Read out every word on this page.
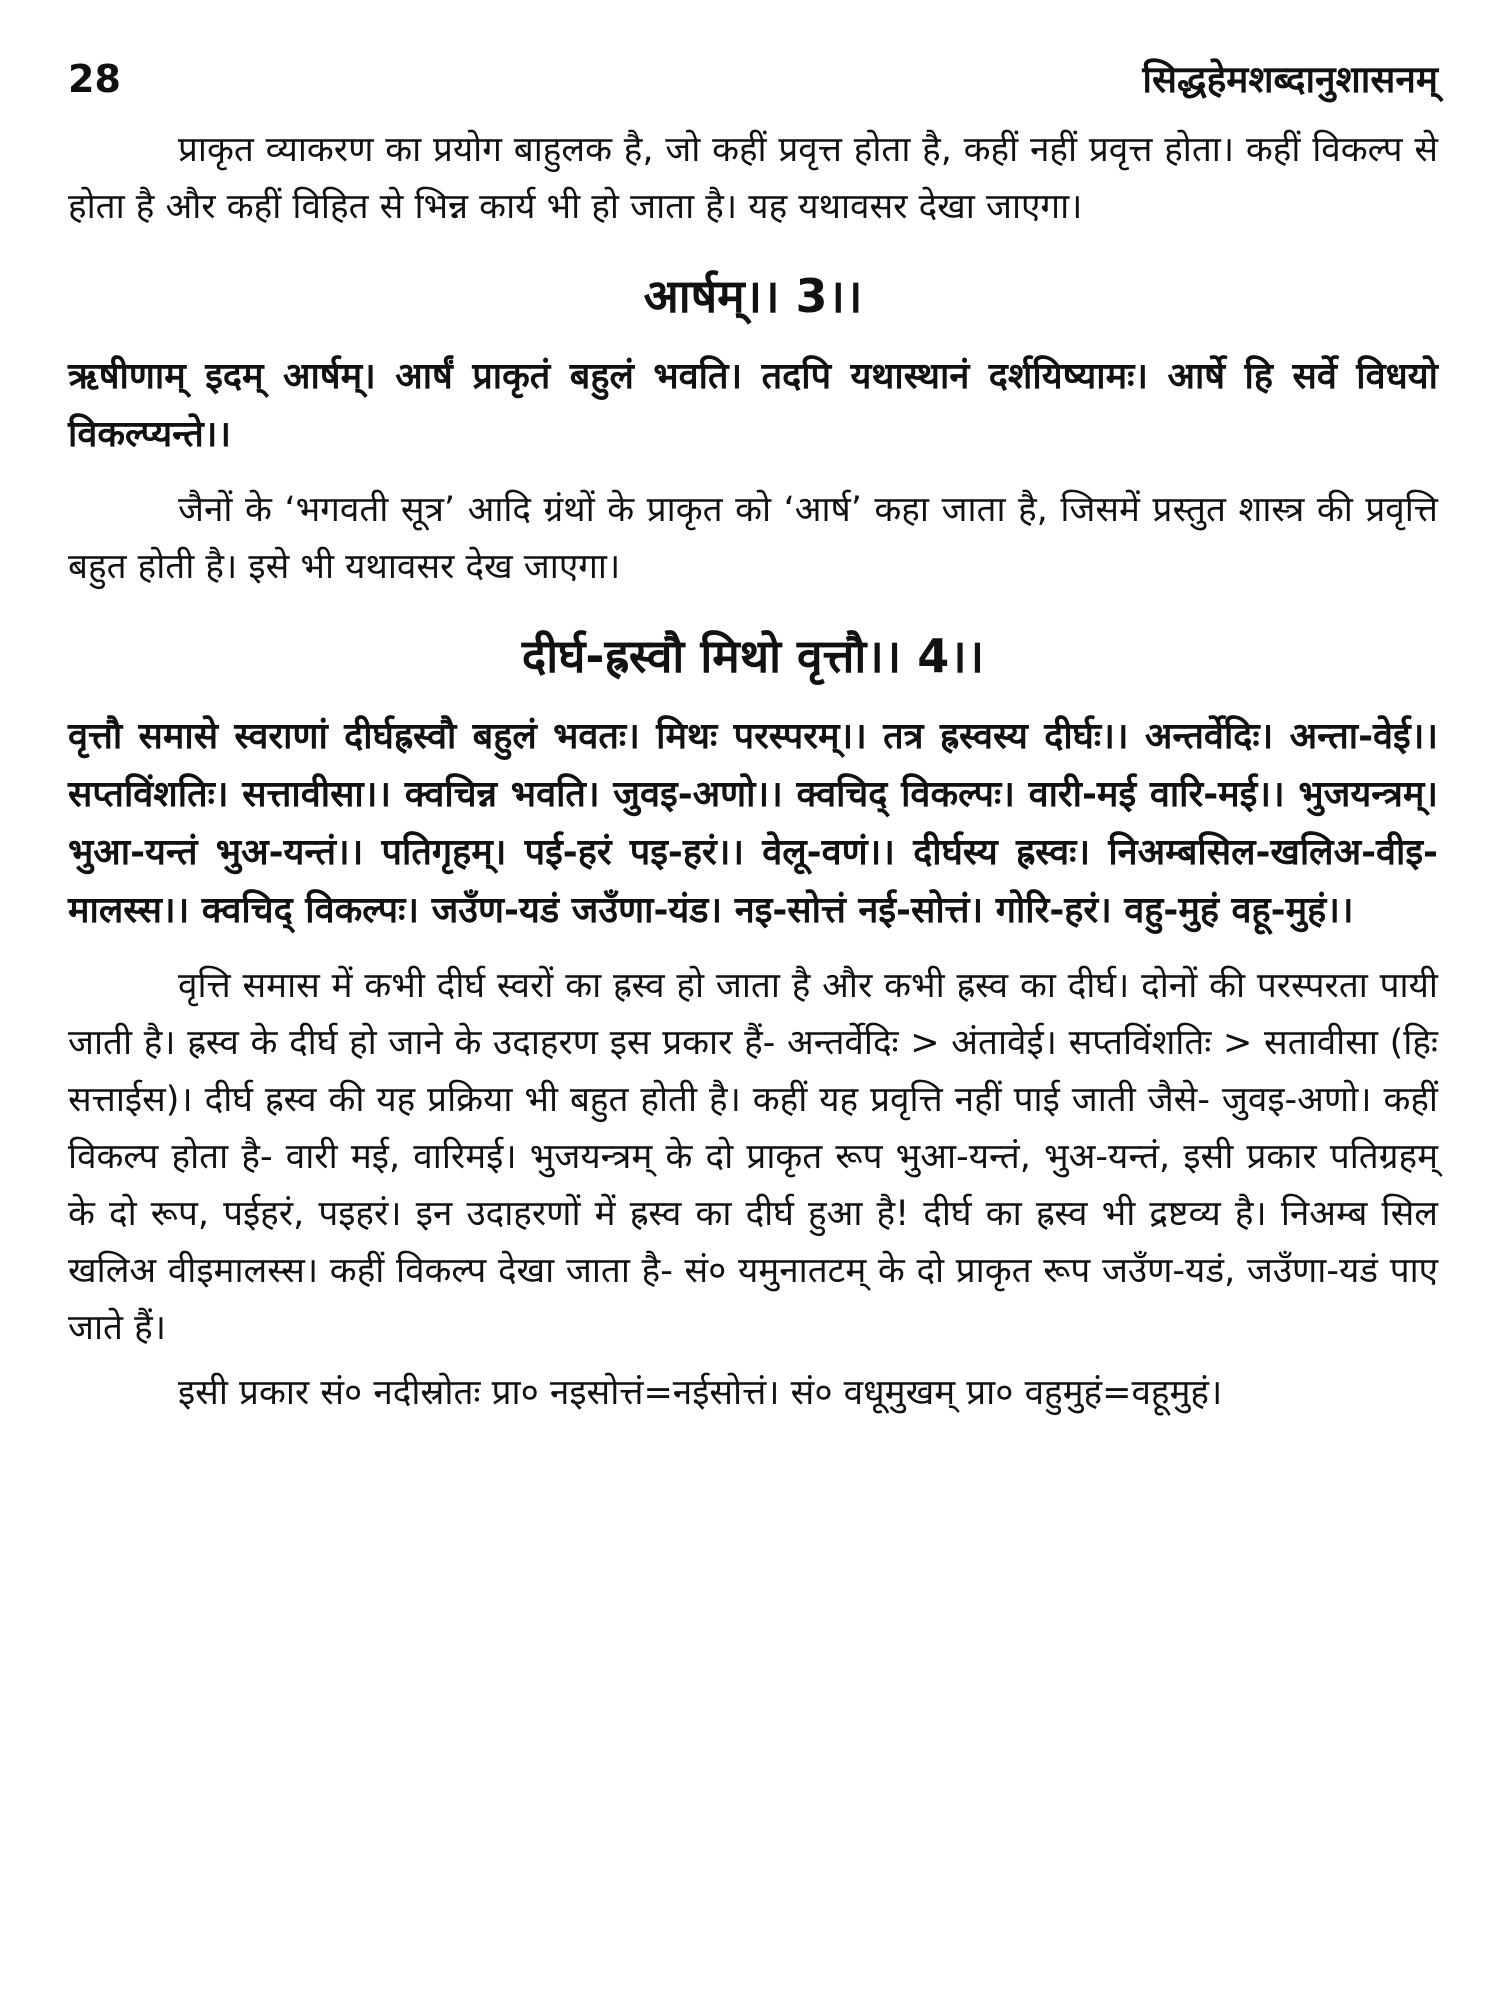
28	सिद्धहेमशब्दानुशासनम्

प्राकृत व्याकरण का प्रयोग बाहुलक है, जो कहीं प्रवृत्त होता है, कहीं नहीं प्रवृत्त होता। कहीं विकल्प से होता है और कहीं विहित से भिन्न कार्य भी हो जाता है। यह यथावसर देखा जाएगा।

आर्षम्।। 3।।

ऋषीणाम् इदम् आर्षम्। आर्षं प्राकृतं बहुलं भवति। तदपि यथास्थानं दर्शयिष्यामः। आर्षे हि सर्वे विधयो विकल्प्यन्ते।।

जैनों के ‘भगवती सूत्र’ आदि ग्रंथों के प्राकृत को ‘आर्ष’ कहा जाता है, जिसमें प्रस्तुत शास्त्र की प्रवृत्ति बहुत होती है। इसे भी यथावसर देख जाएगा।

दीर्घ-ह्रस्वौ मिथो वृत्तौ।। 4।।

वृत्तौ समासे स्वराणां दीर्घह्रस्वौ बहुलं भवतः। मिथः परस्परम्।। तत्र ह्रस्वस्य दीर्घः।। अन्तर्वेदिः। अन्ता-वेई।। सप्तविंशतिः। सत्तावीसा।। क्वचिन्न भवति। जुवइ-अणो।। क्वचिद् विकल्पः। वारी-मई वारि-मई।। भुजयन्त्रम्। भुआ-यन्तं भुअ-यन्तं।। पतिगृहम्। पई-हरं पइ-हरं।। वेलू-वणं।। दीर्घस्य ह्रस्वः। निअम्बसिल-खलिअ-वीइ-मालस्स।। क्वचिद् विकल्पः। जउँण-यडं जउँणा-यंड। नइ-सोत्तं नई-सोत्तं। गोरि-हरं। वहु-मुहं वहू-मुहं।।

वृत्ति समास में कभी दीर्घ स्वरों का ह्रस्व हो जाता है और कभी ह्रस्व का दीर्घ। दोनों की परस्परता पायी जाती है। ह्रस्व के दीर्घ हो जाने के उदाहरण इस प्रकार हैं- अन्तर्वेदिः > अंतावेई। सप्तविंशतिः > सतावीसा (हिः सत्ताईस)। दीर्घ ह्रस्व की यह प्रक्रिया भी बहुत होती है। कहीं यह प्रवृत्ति नहीं पाई जाती जैसे- जुवइ-अणो। कहीं विकल्प होता है- वारी मई, वारिमई। भुजयन्त्रम् के दो प्राकृत रूप भुआ-यन्तं, भुअ-यन्तं, इसी प्रकार पतिग्रहम् के दो रूप, पईहरं, पइहरं। इन उदाहरणों में ह्रस्व का दीर्घ हुआ है! दीर्घ का ह्रस्व भी द्रष्टव्य है। निअम्ब सिल खलिअ वीइमालस्स। कहीं विकल्प देखा जाता है- सं० यमुनातटम् के दो प्राकृत रूप जउँण-यडं, जउँणा-यडं पाए जाते हैं।

इसी प्रकार सं० नदीस्रोतः प्रा० नइसोत्तं=नईसोत्तं। सं० वधूमुखम् प्रा० वहुमुहं=वहूमुहं।
